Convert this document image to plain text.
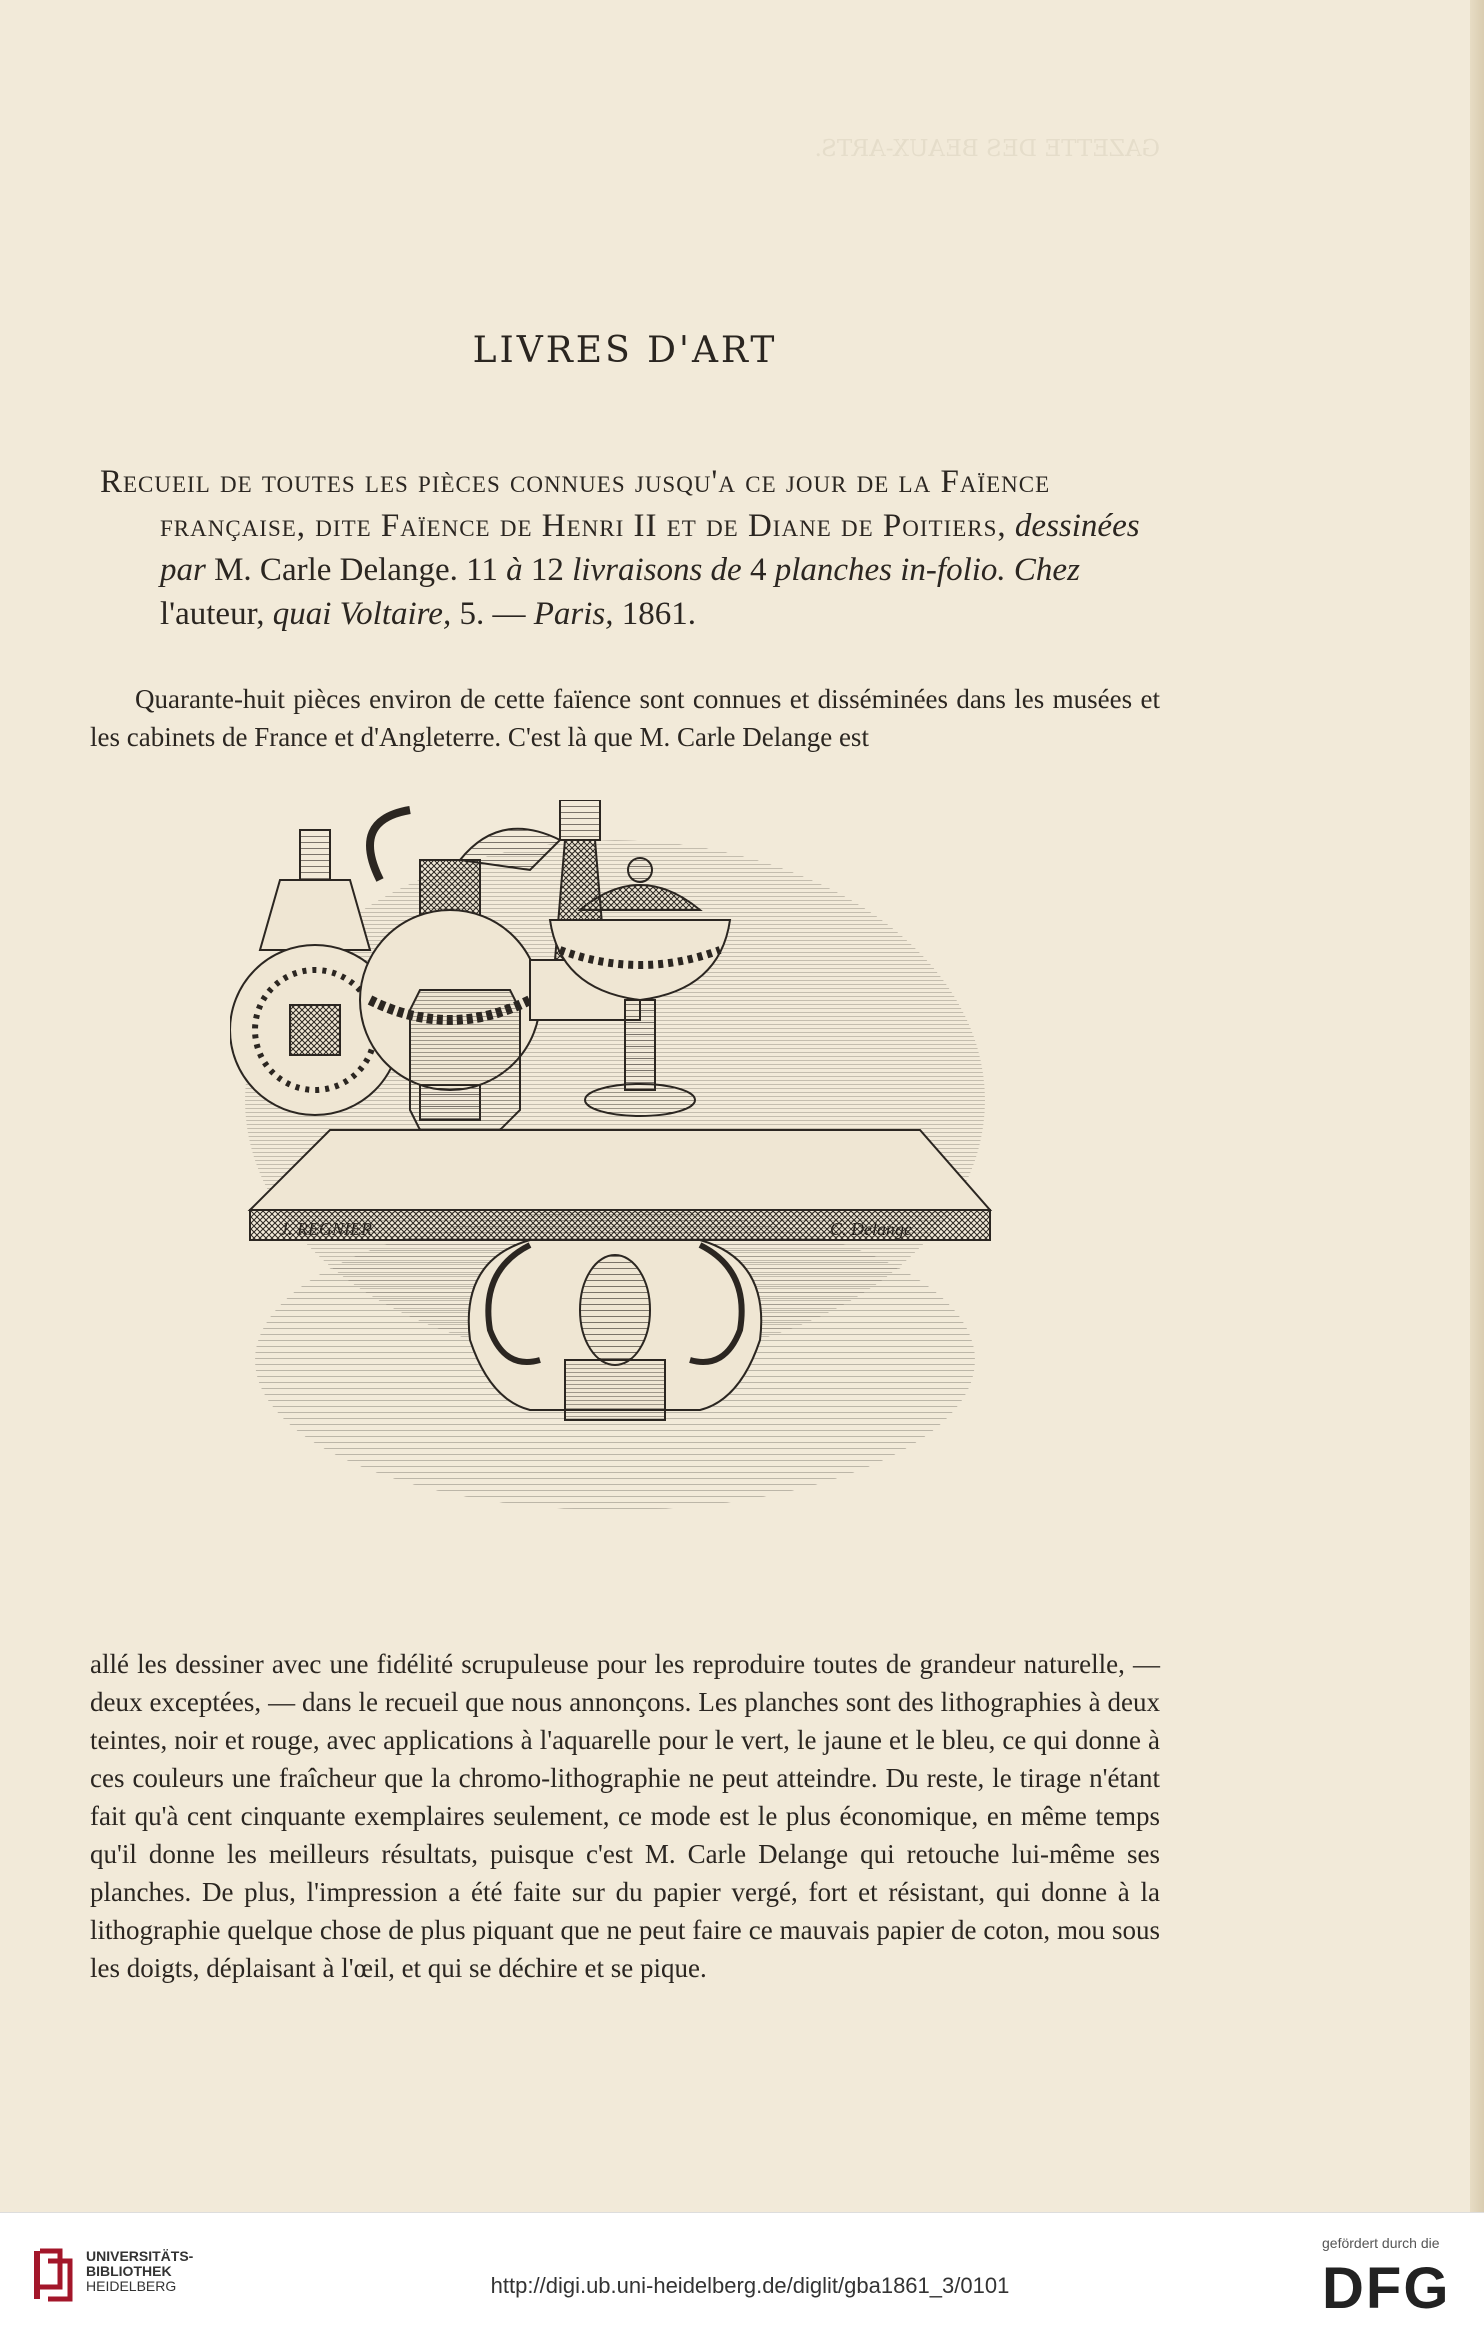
GAZETTE DES BEAUX-ARTS.
LIVRES D'ART
Recueil de toutes les pièces connues jusqu'a ce jour de la Faïence française, dite Faïence de Henri II et de Diane de Poitiers, dessinées par M. Carle Delange. 11 à 12 livraisons de 4 planches in-folio. Chez l'auteur, quai Voltaire, 5. — Paris, 1861.

Quarante-huit pièces environ de cette faïence sont connues et disséminées dans les musées et les cabinets de France et d'Angleterre. C'est là que M. Carle Delange est

J. REGNIER	C. Delange

allé les dessiner avec une fidélité scrupuleuse pour les reproduire toutes de grandeur naturelle, — deux exceptées, — dans le recueil que nous annonçons. Les planches sont des lithographies à deux teintes, noir et rouge, avec applications à l'aquarelle pour le vert, le jaune et le bleu, ce qui donne à ces couleurs une fraîcheur que la chromo-lithographie ne peut atteindre. Du reste, le tirage n'étant fait qu'à cent cinquante exemplaires seulement, ce mode est le plus économique, en même temps qu'il donne les meilleurs résultats, puisque c'est M. Carle Delange qui retouche lui-même ses planches. De plus, l'impression a été faite sur du papier vergé, fort et résistant, qui donne à la lithographie quelque chose de plus piquant que ne peut faire ce mauvais papier de coton, mou sous les doigts, déplaisant à l'œil, et qui se déchire et se pique.

UNIVERSITÄTS-
BIBLIOTHEK
HEIDELBERG	http://digi.ub.uni-heidelberg.de/diglit/gba1861_3/0101
gefördert durch die
DFG
